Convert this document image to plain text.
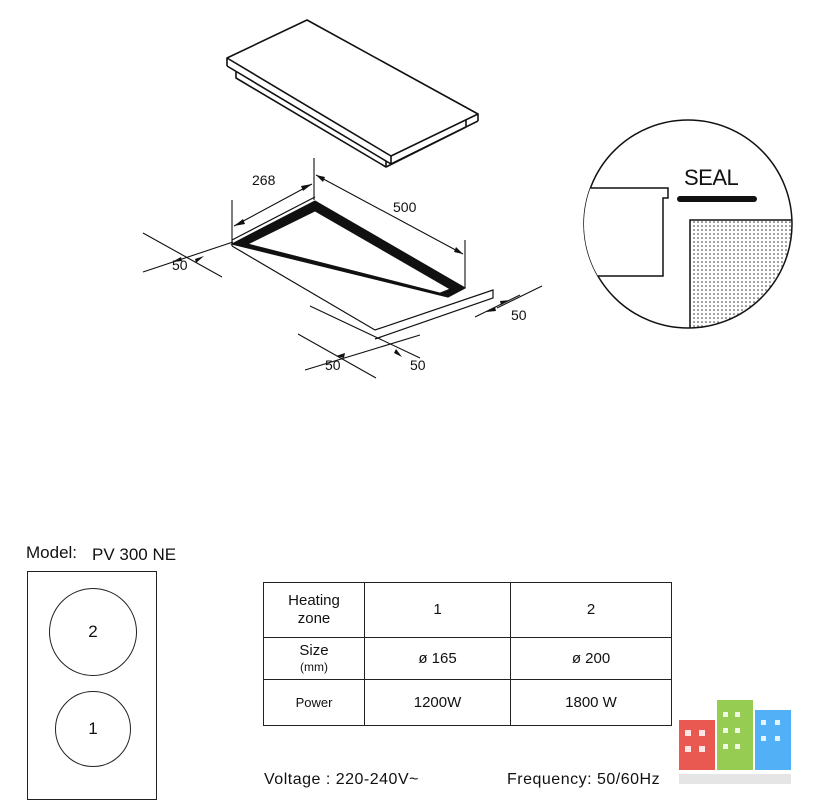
268
500
50
50
50	50
SEAL
Model: PV 300 NE
2
1
Heating
zone	1	2

Size
(mm)	ø 165	ø 200
Power	1200W	1800 W
Voltage : 220-240V~	Frequency: 50/60Hz
